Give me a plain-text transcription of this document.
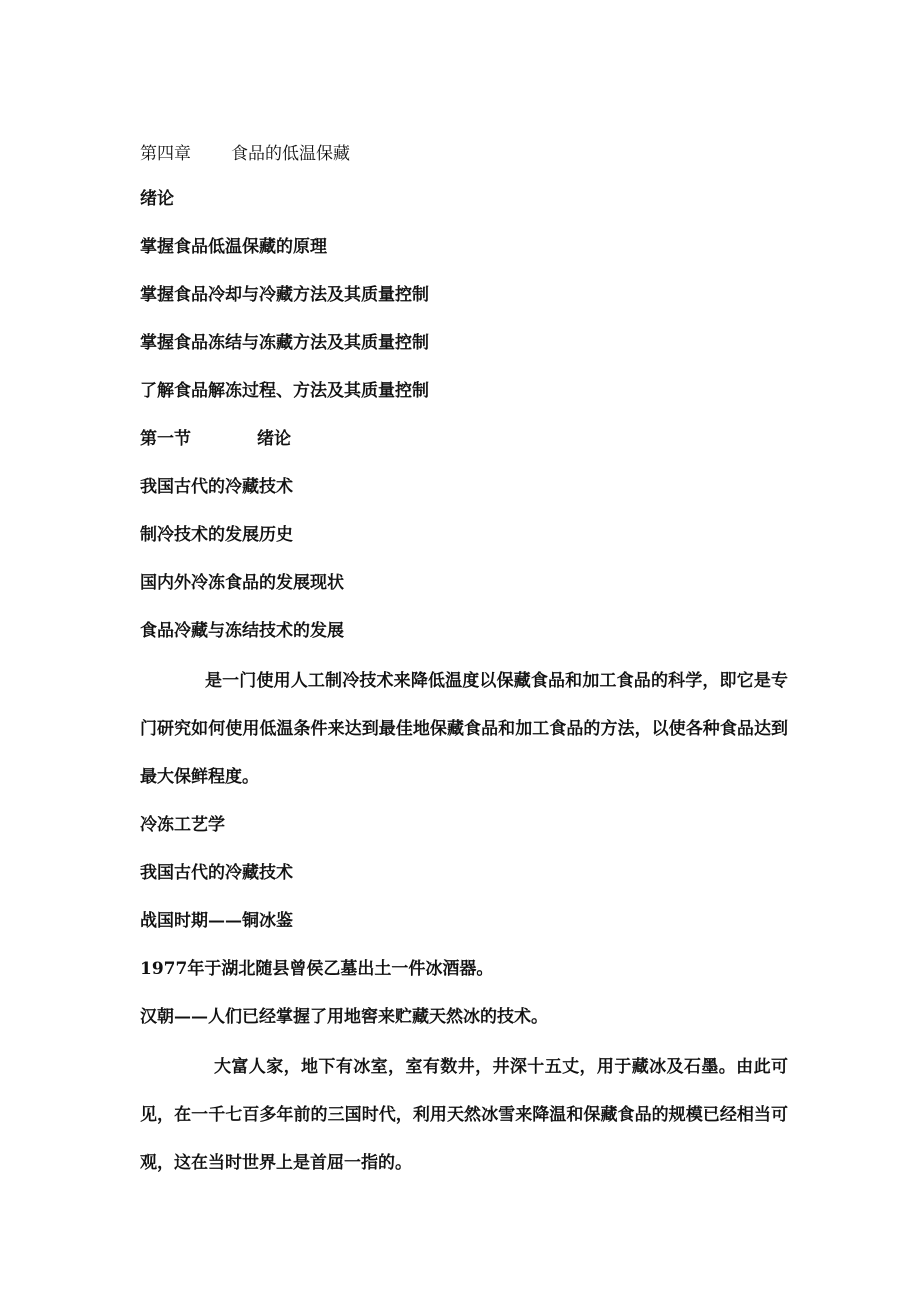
第四章 食品的低温保藏
绪论
掌握食品低温保藏的原理
掌握食品冷却与冷藏方法及其质量控制
掌握食品冻结与冻藏方法及其质量控制
了解食品解冻过程、方法及其质量控制
第一节	绪论
我国古代的冷藏技术
制冷技术的发展历史
国内外冷冻食品的发展现状
食品冷藏与冻结技术的发展
是一门使用人工制冷技术来降低温度以保藏食品和加工食品的科学，即它是专门研究如何使用低温条件来达到最佳地保藏食品和加工食品的方法，以使各种食品达到最大保鲜程度。
冷冻工艺学
我国古代的冷藏技术
战国时期——铜冰鉴
1977年于湖北随县曾侯乙墓出土一件冰酒器。
汉朝——人们已经掌握了用地窖来贮藏天然冰的技术。
大富人家，地下有冰室，室有数井，井深十五丈，用于藏冰及石墨。由此可见，在一千七百多年前的三国时代，利用天然冰雪来降温和保藏食品的规模已经相当可观，这在当时世界上是首屈一指的。
